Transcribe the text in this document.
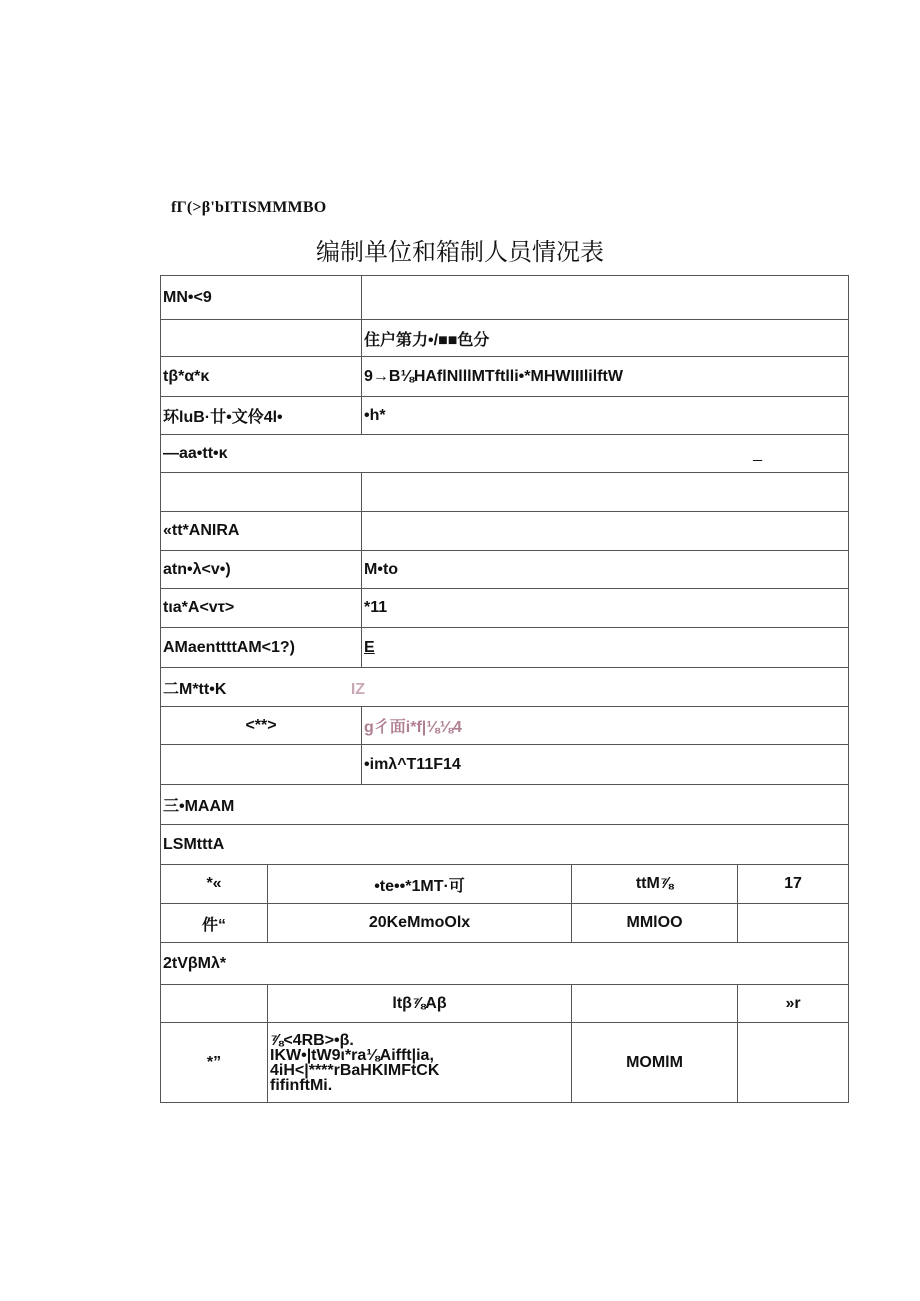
fΓ(>β'bΙTISMMMBO
编制单位和箱制人员情况表
MN•<9				
		住户第力•/■■色分		
tβ*α*κ		9→B⅛HAflNlllMTftlli•*MHWIIIlilftW		
环luB·廿•文伶4l•		•h*		
—aa•tt•κ _				

«tt*ANIRA				
atn•λ<v•)		M•to		
tιa*A<vτ>		*11		
AMaenttttAM<1?)		E		
二M*tt•K IZ				
<**>		g彳面i*f|⅛⅛4		
		•imλ^T11F14		
三•MAAM				
LSMtttA				
*«	•te••*1MT·可		ttM⅞	17
件“	20KeMmoOlx		MMlOO	
2tVβMλ*				
	ltβ⅞Aβ			»r
*”	⅞<4RB>•β.
IKW•|tW9ι*ra⅛Aifft|ia,
4iH<|****rBaHKIMFtCK
fifinftMi.		MOMlM	
